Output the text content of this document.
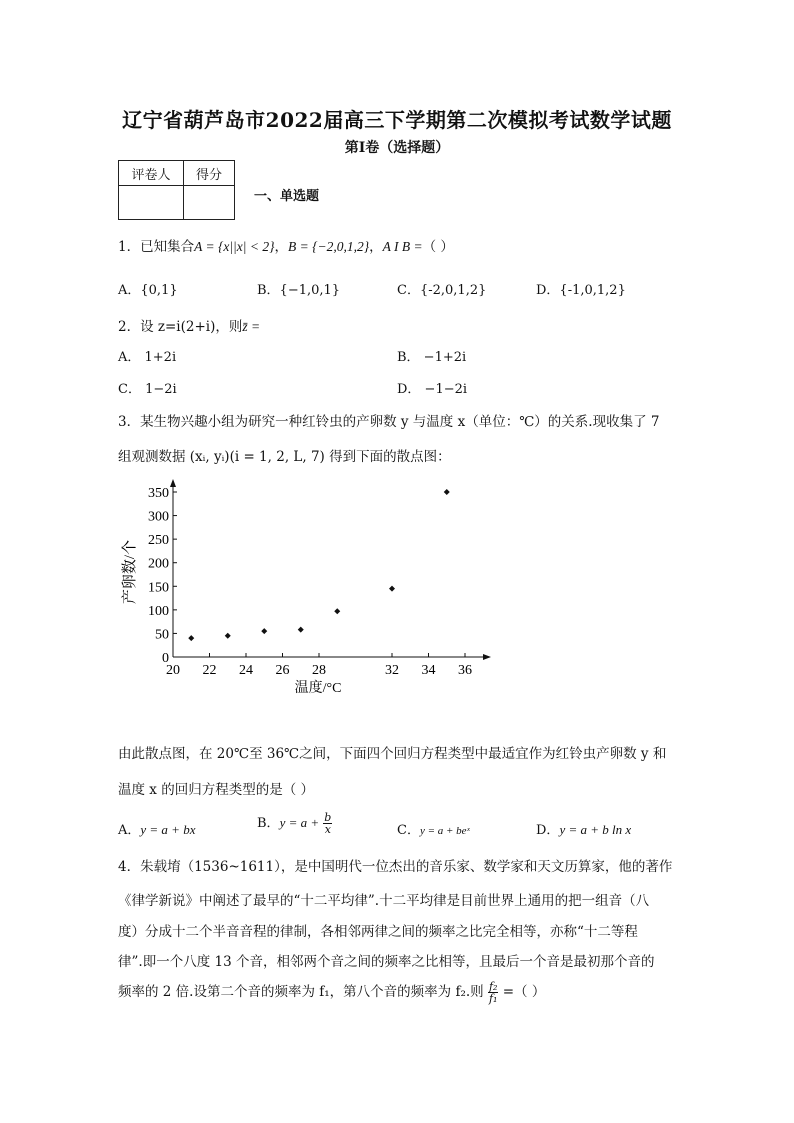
辽宁省葫芦岛市2022届高三下学期第二次模拟考试数学试题
第I卷（选择题）
评卷人	得分

一、单选题
1．已知集合A = {x||x| < 2}，B = {−2,0,1,2}，A I B =（ ）
A．{0,1}	B．{−1,0,1}	C．{-2,0,1,2}	D．{-1,0,1,2}
2．设 z=i(2+i)，则z̄ =
A． 1+2i	B． −1+2i
C． 1−2i	D． −1−2i
3．某生物兴趣小组为研究一种红铃虫的产卵数 y 与温度 x（单位：℃）的关系.现收集了 7
组观测数据 (xᵢ, yᵢ)(i = 1, 2, L, 7) 得到下面的散点图：
0
50
100
150
200
250
300
350
20 22 24 26 28	32 34 36
温度/°C
产卵数/个
由此散点图，在 20℃至 36℃之间，下面四个回归方程类型中最适宜作为红铃虫产卵数 y 和
温度 x 的回归方程类型的是（ ）
A．y = a + bx	B．$y = a + \frac{b}{x}$	C．y = a + beˣ	D．y = a + b ln x
4．朱载堉（1536~1611），是中国明代一位杰出的音乐家、数学家和天文历算家，他的著作
《律学新说》中阐述了最早的“十二平均律”.十二平均律是目前世界上通用的把一组音（八
度）分成十二个半音音程的律制，各相邻两律之间的频率之比完全相等，亦称“十二等程
律”.即一个八度 13 个音，相邻两个音之间的频率之比相等，且最后一个音是最初那个音的
频率的 2 倍.设第二个音的频率为 f₁，第八个音的频率为 f₂.则 $\frac{\text{f₂}}{\text{f₁}}$ =（ ）
